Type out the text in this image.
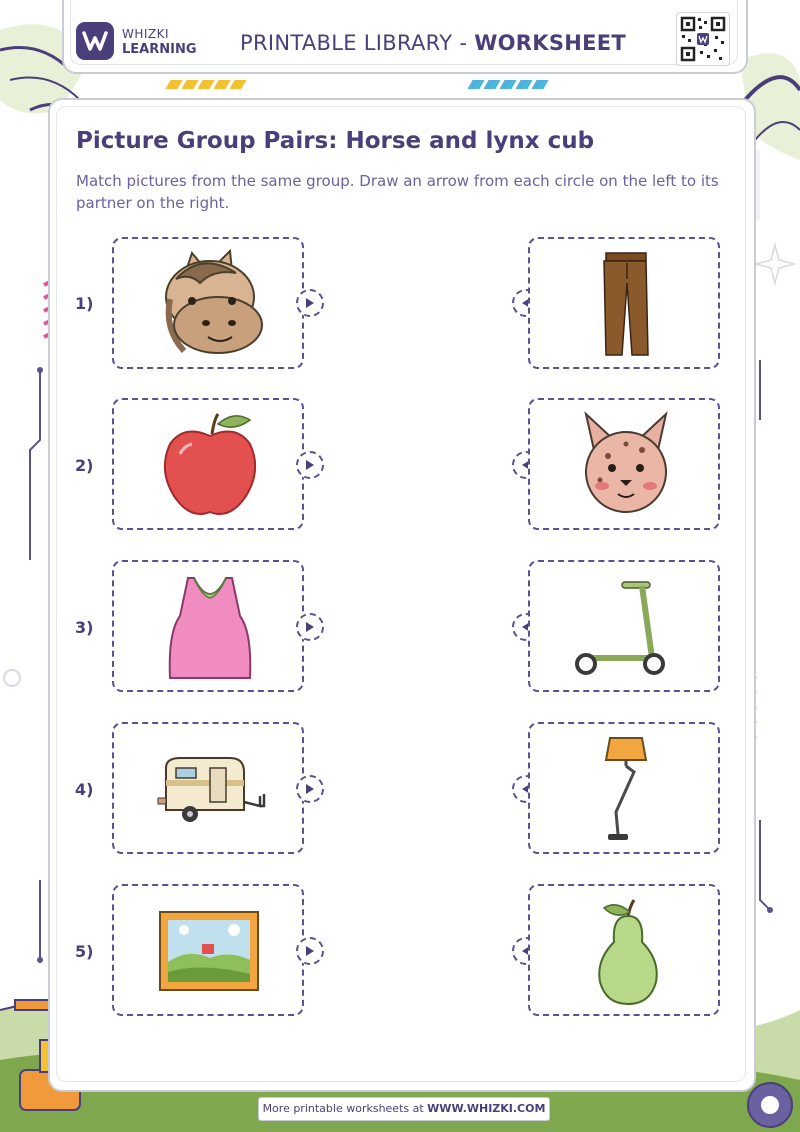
WHIZKI
LEARNING PRINTABLE LIBRARY - WORKSHEET
Picture Group Pairs: Horse and lynx cub
Match pictures from the same group. Draw an arrow from each circle on the left to its partner on the right.
1)
2)
3)
4)
5)
More printable worksheets at WWW.WHIZKI.COM
